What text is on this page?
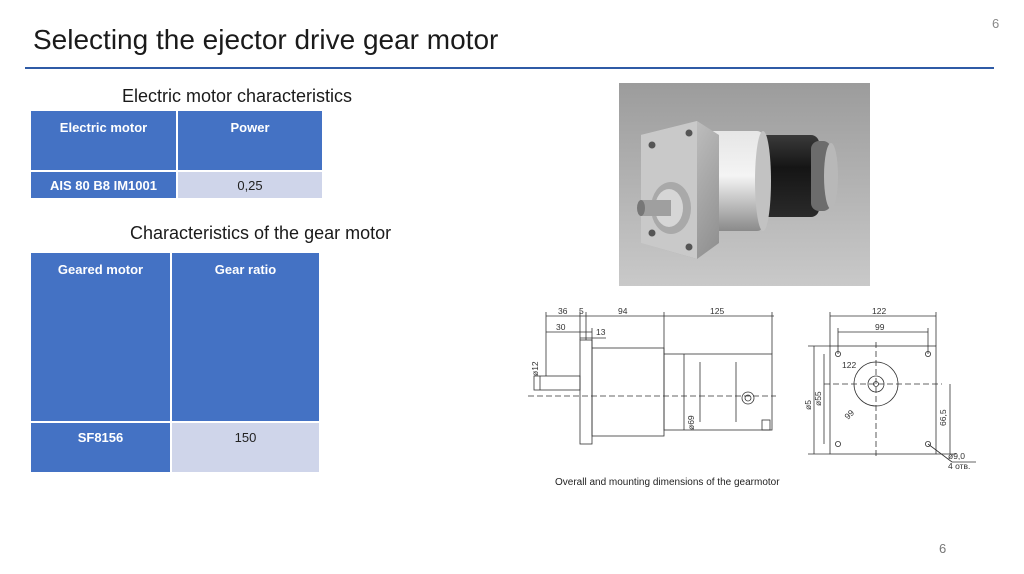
6
Selecting the ejector drive gear motor
Electric motor characteristics
Electric motor	Power
AIS 80 B8 IM1001	0,25
Characteristics of the gear motor
Geared motor	Gear ratio
SF8156	150
36 5	94	125
30	13
ø12
ø69
122
99
122
99
ø5 ø55
66,5
ø9,0
4 отв.
Overall and mounting dimensions of the gearmotor
6
